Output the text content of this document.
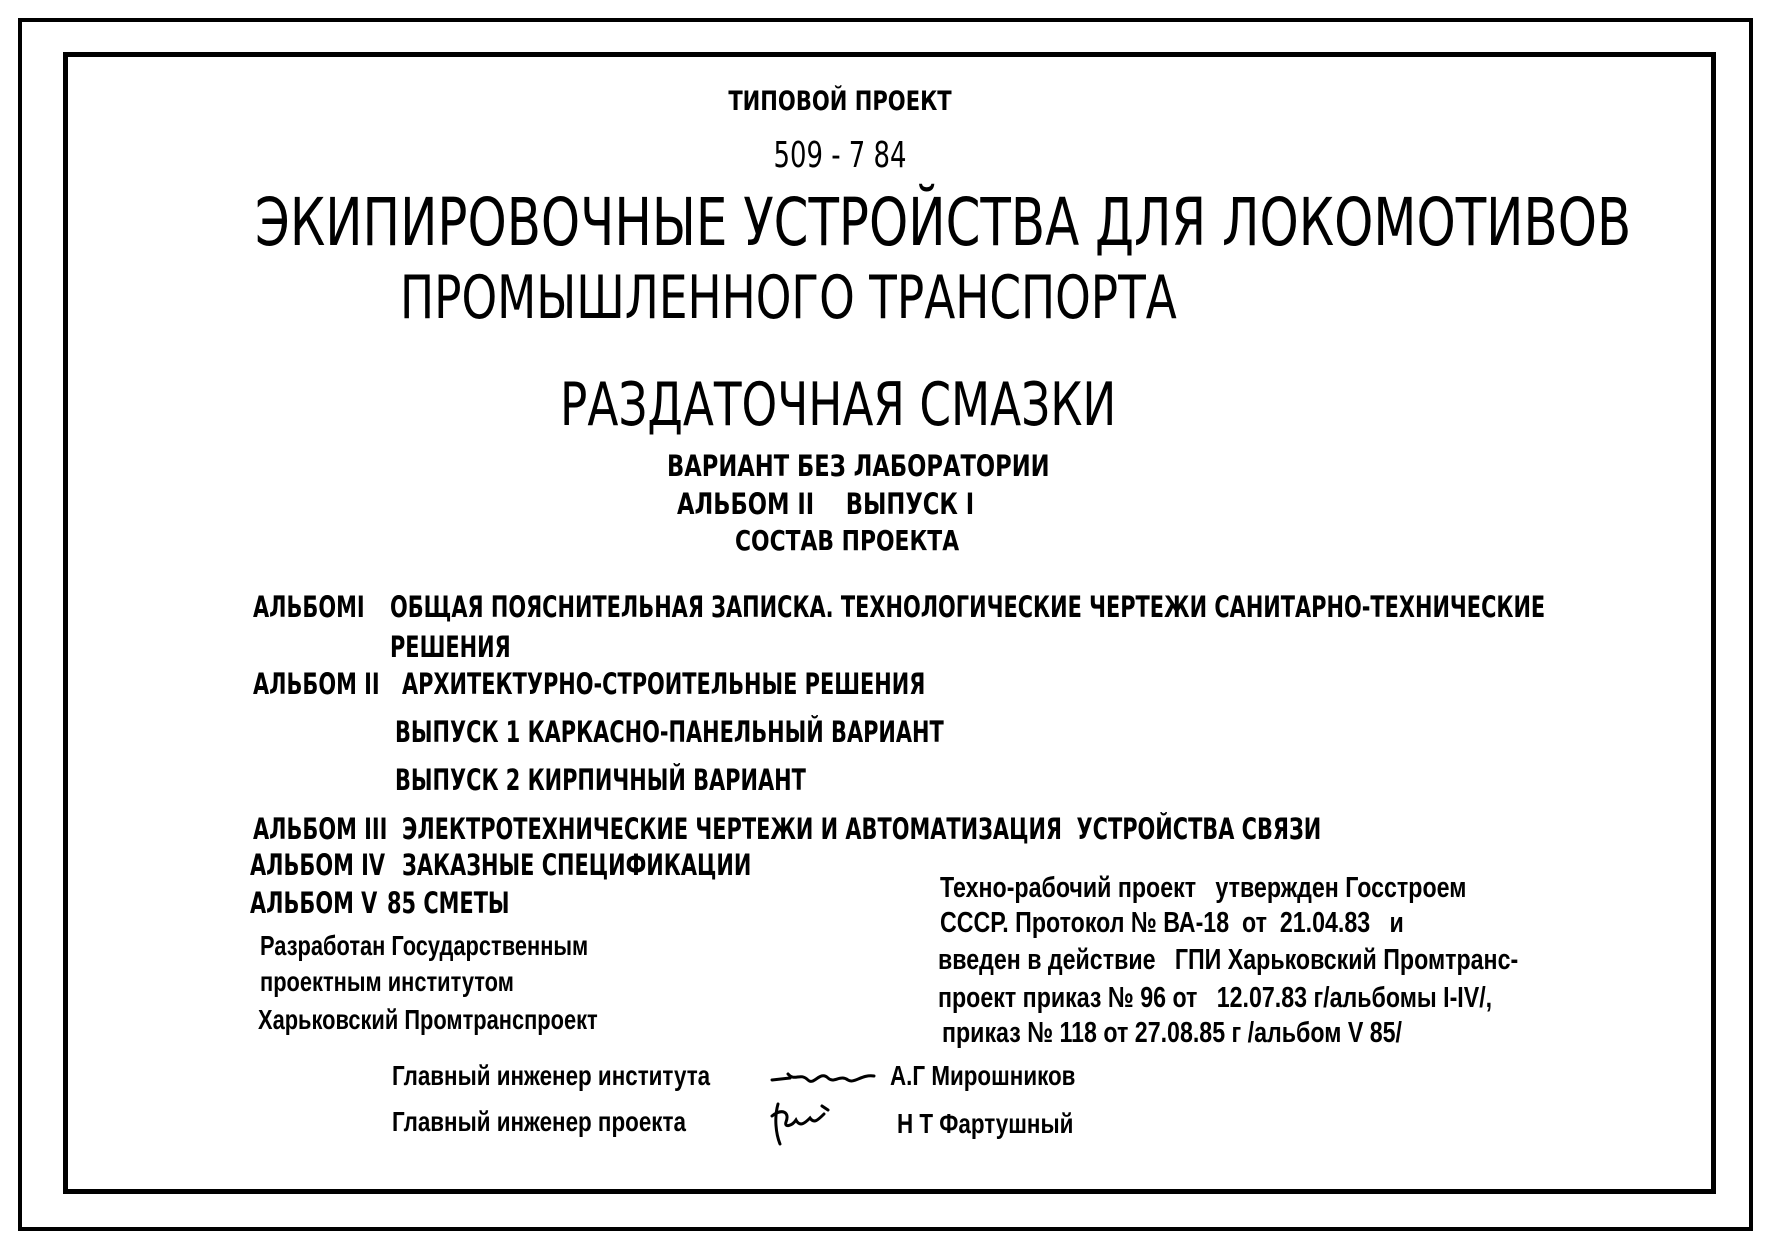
ТИПОВОЙ ПРОЕКТ
509 - 7 84
ЭКИПИРОВОЧНЫЕ УСТРОЙСТВА ДЛЯ ЛОКОМОТИВОВ
ПРОМЫШЛЕННОГО ТРАНСПОРТА
РАЗДАТОЧНАЯ СМАЗКИ
ВАРИАНТ БЕЗ ЛАБОРАТОРИИ
АЛЬБОМ II    ВЫПУСК I
СОСТАВ ПРОЕКТА
АЛЬБОМI ОБЩАЯ ПОЯСНИТЕЛЬНАЯ ЗАПИСКА. ТЕХНОЛОГИЧЕСКИЕ ЧЕРТЕЖИ САНИТАРНО-ТЕХНИЧЕСКИЕ
РЕШЕНИЯ
АЛЬБОМ II АРХИТЕКТУРНО-СТРОИТЕЛЬНЫЕ РЕШЕНИЯ
ВЫПУСК 1 КАРКАСНО-ПАНЕЛЬНЫЙ ВАРИАНТ
ВЫПУСК 2 КИРПИЧНЫЙ ВАРИАНТ
АЛЬБОМ III ЭЛЕКТРОТЕХНИЧЕСКИЕ ЧЕРТЕЖИ И АВТОМАТИЗАЦИЯ  УСТРОЙСТВА СВЯЗИ
АЛЬБОМ IV ЗАКАЗНЫЕ СПЕЦИФИКАЦИИ
АЛЬБОМ V 85 СМЕТЫ
Разработан Государственным
проектным институтом
Харьковский Промтранспроект
Техно-рабочий проект   утвержден Госстроем
СССР. Протокол № ВА-18  от  21.04.83   и
введен в действие   ГПИ Харьковский Промтранс-
проект приказ № 96 от   12.07.83 г/альбомы I-IV/,
приказ № 118 от 27.08.85 г /альбом V 85/
Главный инженер института	А.Г Мирошников
Главный инженер проекта	Н Т Фартушный
